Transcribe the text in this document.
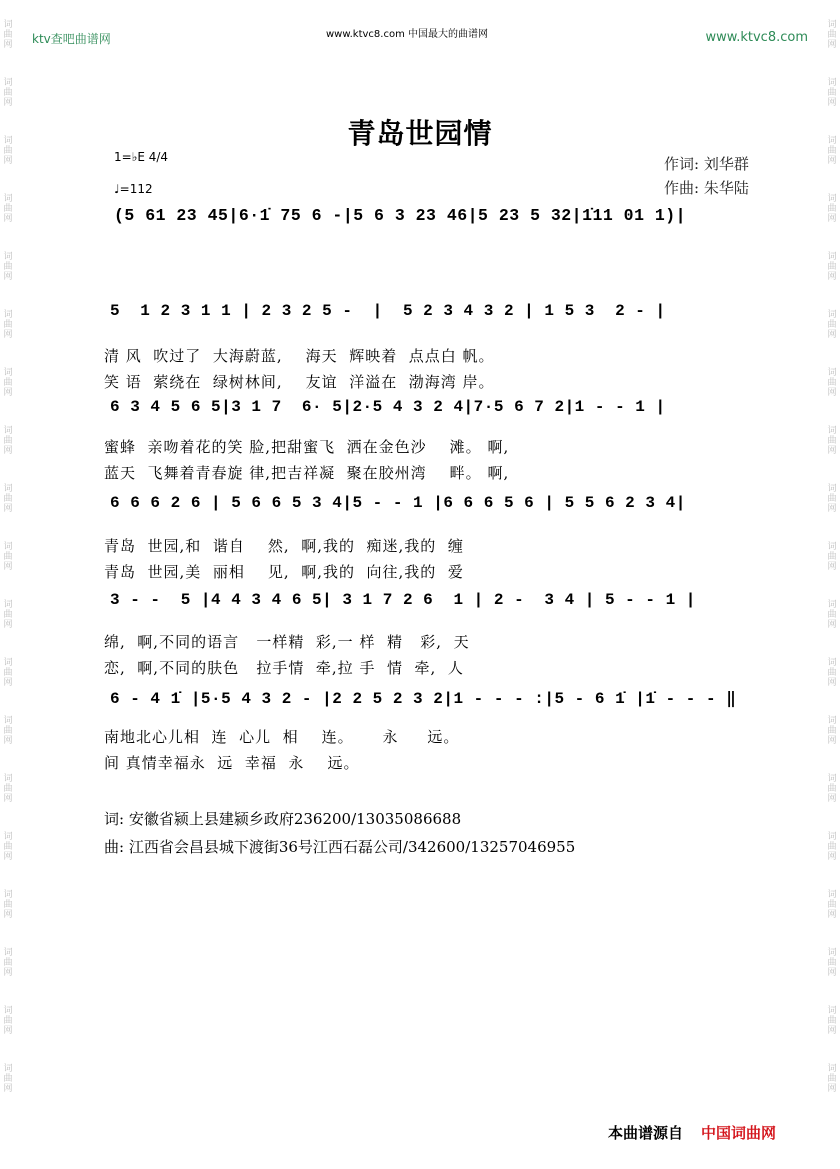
词
曲
网
词
曲
网
词
曲
网
词
曲
网
词
曲
网
词
曲
网
词
曲
网
词
曲
网
词
曲
网
词
曲
网
词
曲
网
词
曲
网
词
曲
网
词
曲
网
词
曲
网
词
曲
网
词
曲
网
词
曲
网
词
曲
网
词
曲
网
词
曲
网
词
曲
网
词
曲
网
词
曲
网
词
曲
网
词
曲
网
词
曲
网
词
曲
网
词
曲
网
词
曲
网
词
曲
网
词
曲
网
词
曲
网
词
曲
网
词
曲
网
词
曲
网
词
曲
网
词
曲
网
ktv查吧曲谱网	www.ktvc8.com 中国最大的曲谱网	www.ktvc8.com
青岛世园情
1=♭E 4/4
♩=112
作词: 刘华群
作曲: 朱华陆
(5 61 23 45|6·1̇ 75 6 -|5 6 3 23 46|5 23 5 32|1̇11 01 1)|
5  1 2 3 1 1 | 2 3 2 5 -  |  5 2 3 4 3 2 | 1 5 3  2 - |
清 风  吹过了  大海蔚蓝,    海天  辉映着  点点白 帆。
笑 语  萦绕在  绿树林间,    友谊  洋溢在  渤海湾 岸。
6 3 4 5 6 5|3 1 7  6· 5|2·5 4 3 2 4|7·5 6 7 2|1 - - 1 |
蜜蜂  亲吻着花的笑 脸,把甜蜜飞  洒在金色沙    滩。 啊,
蓝天  飞舞着青春旋 律,把吉祥凝  聚在胶州湾    畔。 啊,
6 6 6 2 6 | 5 6 6 5 3 4|5 - - 1 |6 6 6 5 6 | 5 5 6 2 3 4|
青岛  世园,和  谐自    然,  啊,我的  痴迷,我的  缠
青岛  世园,美  丽相    见,  啊,我的  向往,我的  爱
3 - -  5 |4 4 3 4 6 5| 3 1 7 2 6  1 | 2 -  3 4 | 5 - - 1 |
绵,  啊,不同的语言   一样精  彩,一 样  精   彩,  天
恋,  啊,不同的肤色   拉手情  牵,拉 手  情  牵,  人
6 - 4 1̇ |5·5 4 3 2 - |2 2 5 2 3 2|1 - - - :|5 - 6 1̇ |1̇ - - - ‖
南地北心儿相  连  心儿  相    连。     永     远。
间 真情幸福永  远  幸福  永    远。
词: 安徽省颍上县建颍乡政府236200/13035086688
曲: 江西省会昌县城下渡街36号江西石磊公司/342600/13257046955
本曲谱源自 中国词曲网
